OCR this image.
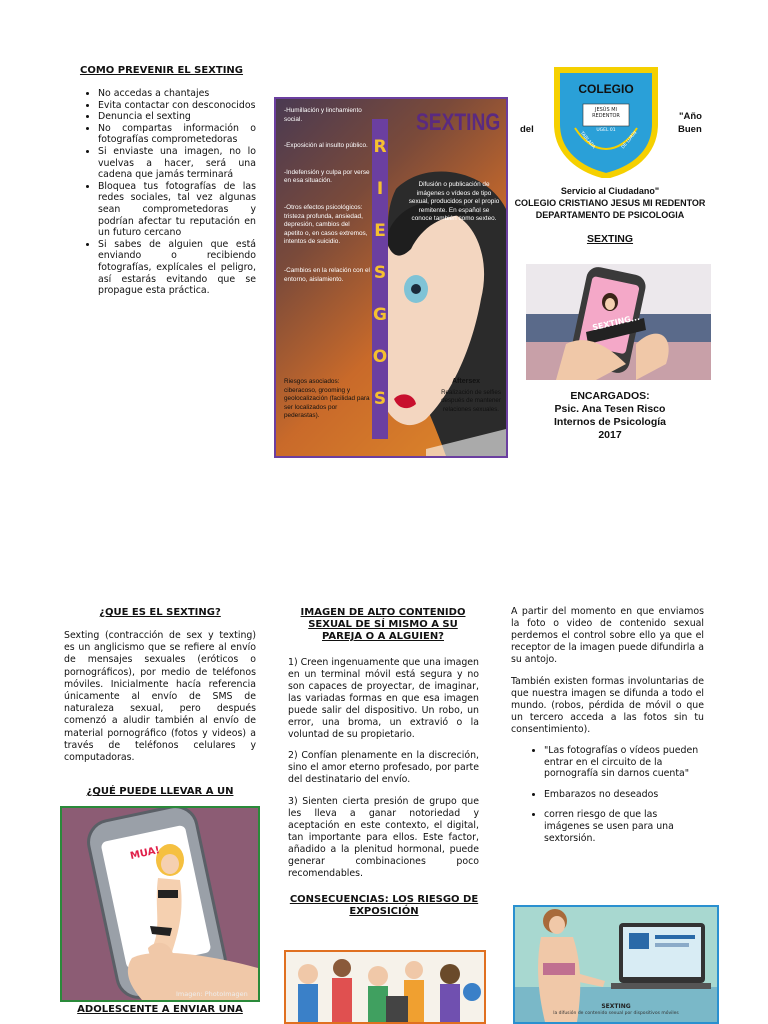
COMO PREVENIR EL SEXTING
• No accedas a chantajes
• Evita contactar con desconocidos
• Denuncia el sexting
• No compartas información o fotografías comprometedoras
• Si enviaste una imagen, no lo vuelvas a hacer, será una cadena que jamás terminará
• Bloquea tus fotografías de las redes sociales, tal vez algunas sean comprometedoras y podrían afectar tu reputación en un futuro cercano
• Si sabes de alguien que está enviando o recibiendo fotografías, explícales el peligro, así estarás evitando que se propague esta práctica.
R
I
E
S
G
O
S
SEXTING
-Humillación y linchamiento social.
-Exposición al insulto público.
-Indefensión y culpa por verse en esa situación.
-Otros efectos psicológicos: tristeza profunda, ansiedad, depresión, cambios del apetito o, en casos extremos, intentos de suicidio.
-Cambios en la relación con el entorno, aislamiento.
Difusión o publicación de imágenes o vídeos de tipo sexual, producidos por el propio remitente. En español se conoce también como sexteo.
Riesgos asociados: ciberacoso, grooming y geolocalización (facilidad para ser localizados por pederastas).
Aftersex
Realización de selfies después de mantener relaciones sexuales.
COLEGIO
JESÚS MI REDENTOR
UGEL 01
TABLADA	DE LURÍN
del
"Año
Buen
Servicio al Ciudadano"
COLEGIO CRISTIANO JESUS MI REDENTOR
DEPARTAMENTO DE PSICOLOGIA
SEXTING
SEXTING...
ENCARGADOS:
Psic. Ana Tesen Risco
Internos de Psicología
2017
¿QUE ES EL SEXTING?
Sexting (contracción de sex y texting) es un anglicismo que se refiere al envío de mensajes sexuales (eróticos o pornográficos), por medio de teléfonos móviles. Inicialmente hacía referencia únicamente al envío de SMS de naturaleza sexual, pero después comenzó a aludir también al envío de material pornográfico (fotos y videos) a través de teléfonos celulares y computadoras.
¿QUÉ PUEDE LLEVAR A UN
MUA!
Imagen: PhotoImagen
ADOLESCENTE A ENVIAR UNA
IMAGEN DE ALTO CONTENIDO SEXUAL DE SÍ MISMO A SU PAREJA O A ALGUIEN?
1) Creen ingenuamente que una imagen en un terminal móvil está segura y no son capaces de proyectar, de imaginar, las variadas formas en que esa imagen puede salir del dispositivo. Un robo, un error, una broma, un extravió o la voluntad de su propietario.
2) Confían plenamente en la discreción, sino el amor eterno profesado, por parte del destinatario del envío.
3) Sienten cierta presión de grupo que les lleva a ganar notoriedad y aceptación en este contexto, el digital, tan importante para ellos. Este factor, añadido a la plenitud hormonal, puede generar combinaciones poco recomendables.
CONSECUENCIAS: LOS RIESGO DE EXPOSICIÓN
A partir del momento en que enviamos la foto o video de contenido sexual perdemos el control sobre ello ya que el receptor de la imagen puede difundirla a su antojo.
También existen formas involuntarias de que nuestra imagen se difunda a todo el mundo. (robos, pérdida de móvil o que un tercero acceda a las fotos sin tu consentimiento).
• "Las fotografías o vídeos pueden entrar en el circuito de la pornografía sin darnos cuenta"
• Embarazos no deseados
• corren riesgo de que las imágenes se usen para una sextorsión.
SEXTING
la difusión de contenido sexual por dispositivos móviles
